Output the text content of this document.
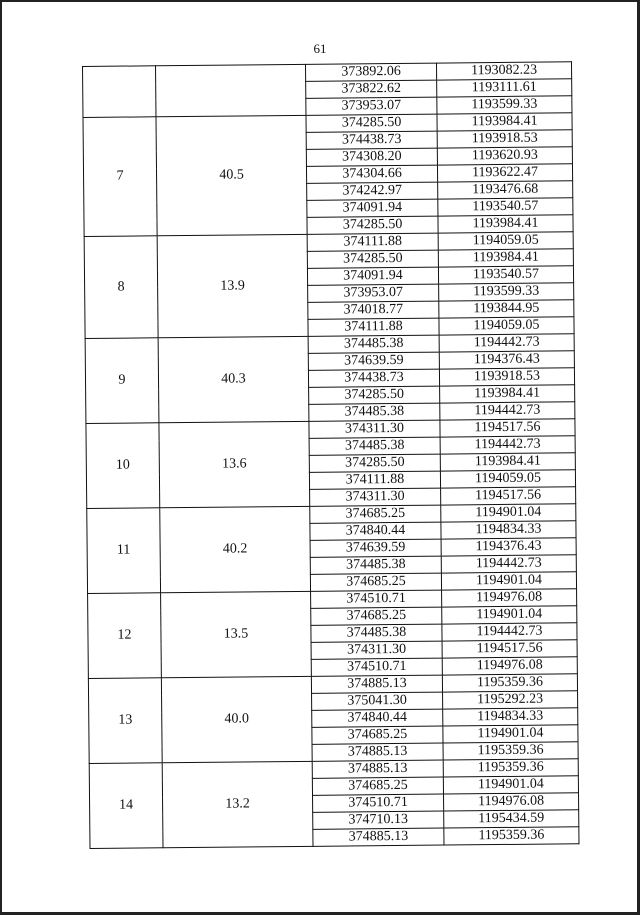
61
		373892.06	1193082.23
		373822.62	1193111.61
		373953.07	1193599.33
7	40.5	374285.50	1193984.41
		374438.73	1193918.53
		374308.20	1193620.93
		374304.66	1193622.47
		374242.97	1193476.68
		374091.94	1193540.57
		374285.50	1193984.41
8	13.9	374111.88	1194059.05
		374285.50	1193984.41
		374091.94	1193540.57
		373953.07	1193599.33
		374018.77	1193844.95
		374111.88	1194059.05
9	40.3	374485.38	1194442.73
		374639.59	1194376.43
		374438.73	1193918.53
		374285.50	1193984.41
		374485.38	1194442.73
10	13.6	374311.30	1194517.56
		374485.38	1194442.73
		374285.50	1193984.41
		374111.88	1194059.05
		374311.30	1194517.56
11	40.2	374685.25	1194901.04
		374840.44	1194834.33
		374639.59	1194376.43
		374485.38	1194442.73
		374685.25	1194901.04
12	13.5	374510.71	1194976.08
		374685.25	1194901.04
		374485.38	1194442.73
		374311.30	1194517.56
		374510.71	1194976.08
13	40.0	374885.13	1195359.36
		375041.30	1195292.23
		374840.44	1194834.33
		374685.25	1194901.04
		374885.13	1195359.36
14	13.2	374885.13	1195359.36
		374685.25	1194901.04
		374510.71	1194976.08
		374710.13	1195434.59
		374885.13	1195359.36
